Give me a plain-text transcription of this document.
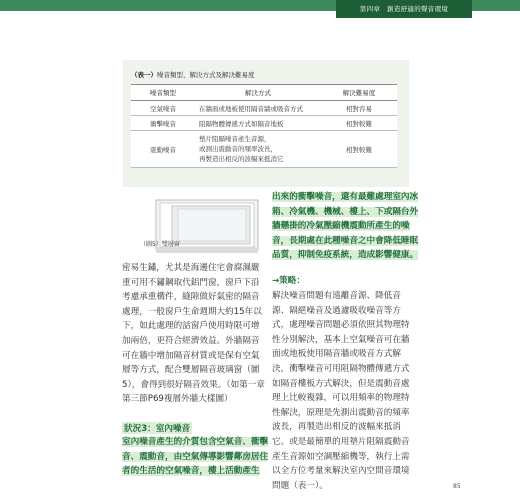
第四章　創造舒適的聲音環境
（表一）噪音類型、解決方式及解決難易度
噪音類型	解決方式	解決難易度
空氣噪音	在牆面或地板使用隔音牆或吸音方式	相對容易
衝擊噪音	阻隔物體傳遞方式如隔音地板	相對較難
震動噪音	墊片阻隔噪音產生音源，
或測出震動音的頻率波長，
再製造出相反的波幅來抵消它	相對較難
（圖5）雙層窗

密易生鏽，尤其是海邊住宅會腐濕嚴重可用不鏽鋼取代鋁門窗，窗戶下沿考慮承重構件，縫隙做好氣密的隔音處理，一般窗戶生命週期大約15年以下，如此處理的話窗戶使用時限可增加兩倍，更符合經濟效益。外牆隔音可在牆中增加隔音材質或是保有空氣層等方式，配合雙層隔音玻璃窗（圖5），會得到很好隔音效果。（如第一章第三節P69複層外牆大樣圖）

狀況3：室內噪音
室內噪音產生的介質包含空氣音、衝擊音、震動音，由空氣傳導影響鄰房居住者的生活的空氣噪音，樓上活動產生
出來的衝擊噪音，還有最難處理室內冰箱、冷氣機、機械、樓上、下或隔台外牆懸掛的冷氣壓縮機震動所產生的噪音，長期處在此種噪音之中會降低睡眠品質，抑制免疫系統，造成影響健康。
→策略：

解決噪音問題有遠離音源、降低音源、隔絕噪音及過濾吸收噪音等方式，處理噪音問題必須依照其物理特性分別解決，基本上空氣噪音可在牆面或地板使用隔音牆或吸音方式解決，衝擊噪音可用阻隔物體傳遞方式如隔音樓板方式解決，但是震動音處理上比較複雜，可以用頻率的物理特性解決，原理是先測出震動音的頻率波長，再製造出相反的波幅來抵消它。或是最簡單的用墊片阻隔震動音產生音源如空調壓縮機等，執行上需以全方位考量來解決室內空間音環境問題（表一）。	85
